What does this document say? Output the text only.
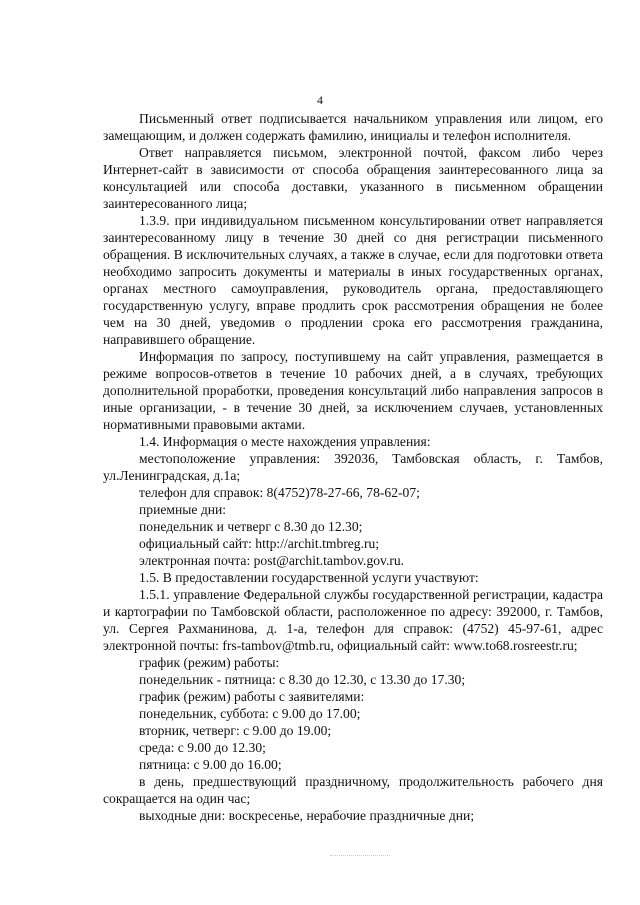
4

Письменный ответ подписывается начальником управления или лицом, его замещающим, и должен содержать фамилию, инициалы и телефон исполнителя.

Ответ направляется письмом, электронной почтой, факсом либо через Интернет-сайт в зависимости от способа обращения заинтересованного лица за консультацией или способа доставки, указанного в письменном обращении заинтересованного лица;

1.3.9. при индивидуальном письменном консультировании ответ направляется заинтересованному лицу в течение 30 дней со дня регистрации письменного обращения. В исключительных случаях, а также в случае, если для подготовки ответа необходимо запросить документы и материалы в иных государственных органах, органах местного самоуправления, руководитель органа, предоставляющего государственную услугу, вправе продлить срок рассмотрения обращения не более чем на 30 дней, уведомив о продлении срока его рассмотрения гражданина, направившего обращение.

Информация по запросу, поступившему на сайт управления, размещается в режиме вопросов-ответов в течение 10 рабочих дней, а в случаях, требующих дополнительной проработки, проведения консультаций либо направления запросов в иные организации, - в течение 30 дней, за исключением случаев, установленных нормативными правовыми актами.

1.4. Информация о месте нахождения управления:

местоположение управления: 392036, Тамбовская область, г. Тамбов, ул.Ленинградская, д.1а;

телефон для справок: 8(4752)78-27-66, 78-62-07;

приемные дни:

понедельник и четверг с 8.30 до 12.30;

официальный сайт: http://archit.tmbreg.ru;

электронная почта: post@archit.tambov.gov.ru.

1.5. В предоставлении государственной услуги участвуют:

1.5.1. управление Федеральной службы государственной регистрации, кадастра и картографии по Тамбовской области, расположенное по адресу: 392000, г. Тамбов, ул. Сергея Рахманинова, д. 1-а, телефон для справок: (4752) 45-97-61, адрес электронной почты: frs-tambov@tmb.ru, официальный сайт: www.to68.rosreestr.ru;

график (режим) работы:

понедельник - пятница: с 8.30 до 12.30, с 13.30 до 17.30;

график (режим) работы с заявителями:

понедельник, суббота: с 9.00 до 17.00;

вторник, четверг: с 9.00 до 19.00;

среда: с 9.00 до 12.30;

пятница: с 9.00 до 16.00;

в день, предшествующий праздничному, продолжительность рабочего дня сокращается на один час;

выходные дни: воскресенье, нерабочие праздничные дни;
